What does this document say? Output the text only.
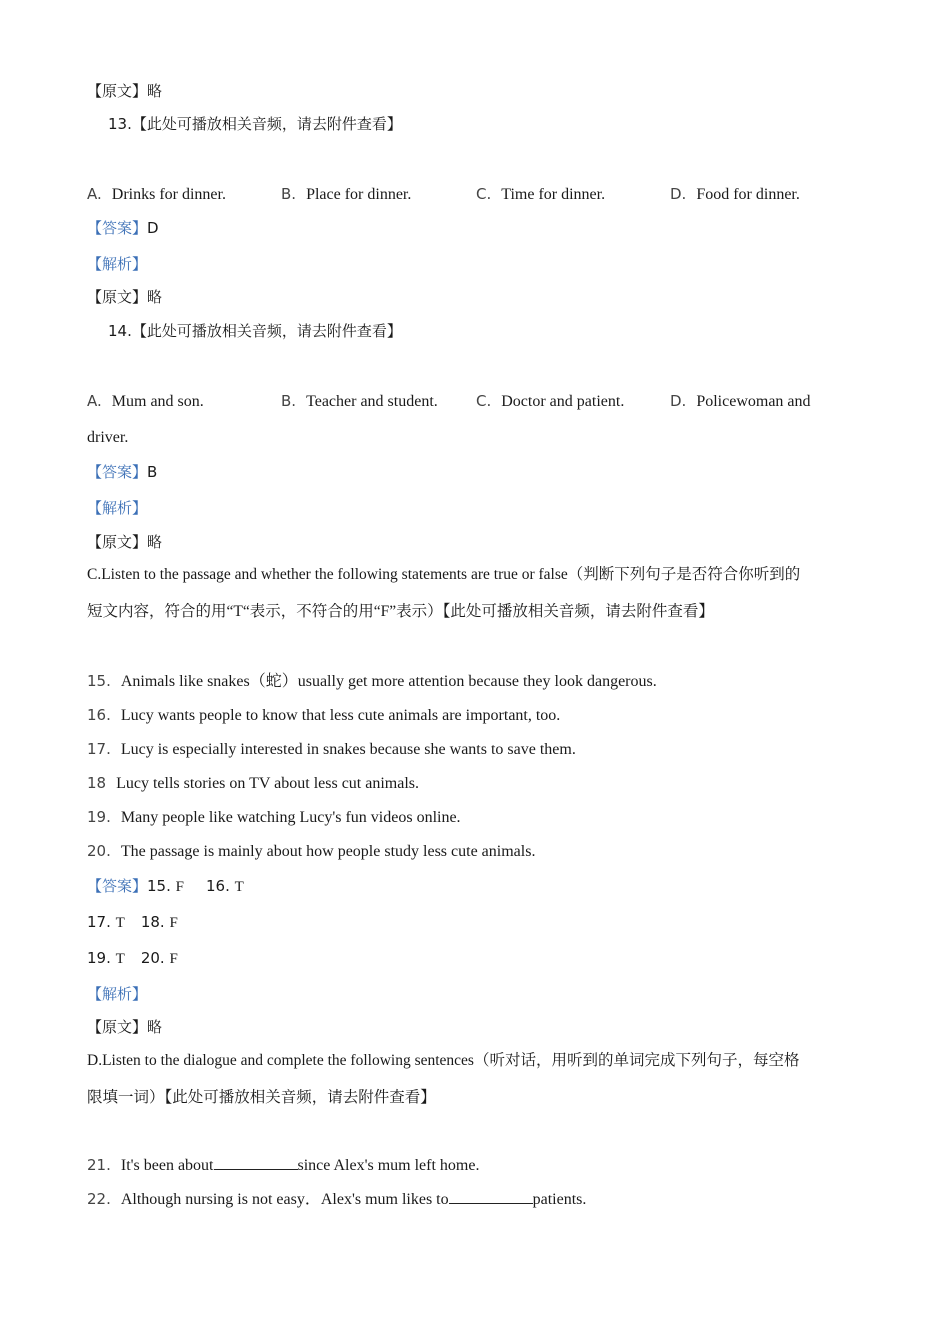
【原文】略
13.【此处可播放相关音频，请去附件查看】
A. Drinks for dinner.	B. Place for dinner.	C. Time for dinner.	D. Food for dinner.
【答案】D
【解析】
【原文】略
14.【此处可播放相关音频，请去附件查看】
A. Mum and son.	B. Teacher and student.	C. Doctor and patient.	D. Policewoman and
driver.
【答案】B
【解析】
【原文】略
C.Listen to the passage and whether the following statements are true or false（判断下列句子是否符合你听到的
短文内容，符合的用“T“表示，不符合的用“F”表示）【此处可播放相关音频，请去附件查看】
15. Animals like snakes（蛇）usually get more attention because they look dangerous.
16. Lucy wants people to know that less cute animals are important, too.
17. Lucy is especially interested in snakes because she wants to save them.
18 Lucy tells stories on TV about less cut animals.
19. Many people like watching Lucy's fun videos online.
20. The passage is mainly about how people study less cute animals.
【答案】15. F 16. T
17. T 18. F
19. T 20. F
【解析】
【原文】略
D.Listen to the dialogue and complete the following sentences（听对话，用听到的单词完成下列句子，每空格
限填一词）【此处可播放相关音频，请去附件查看】
21. It's been about	since Alex's mum left home.
22. Although nursing is not easy．Alex's mum likes to	patients.
